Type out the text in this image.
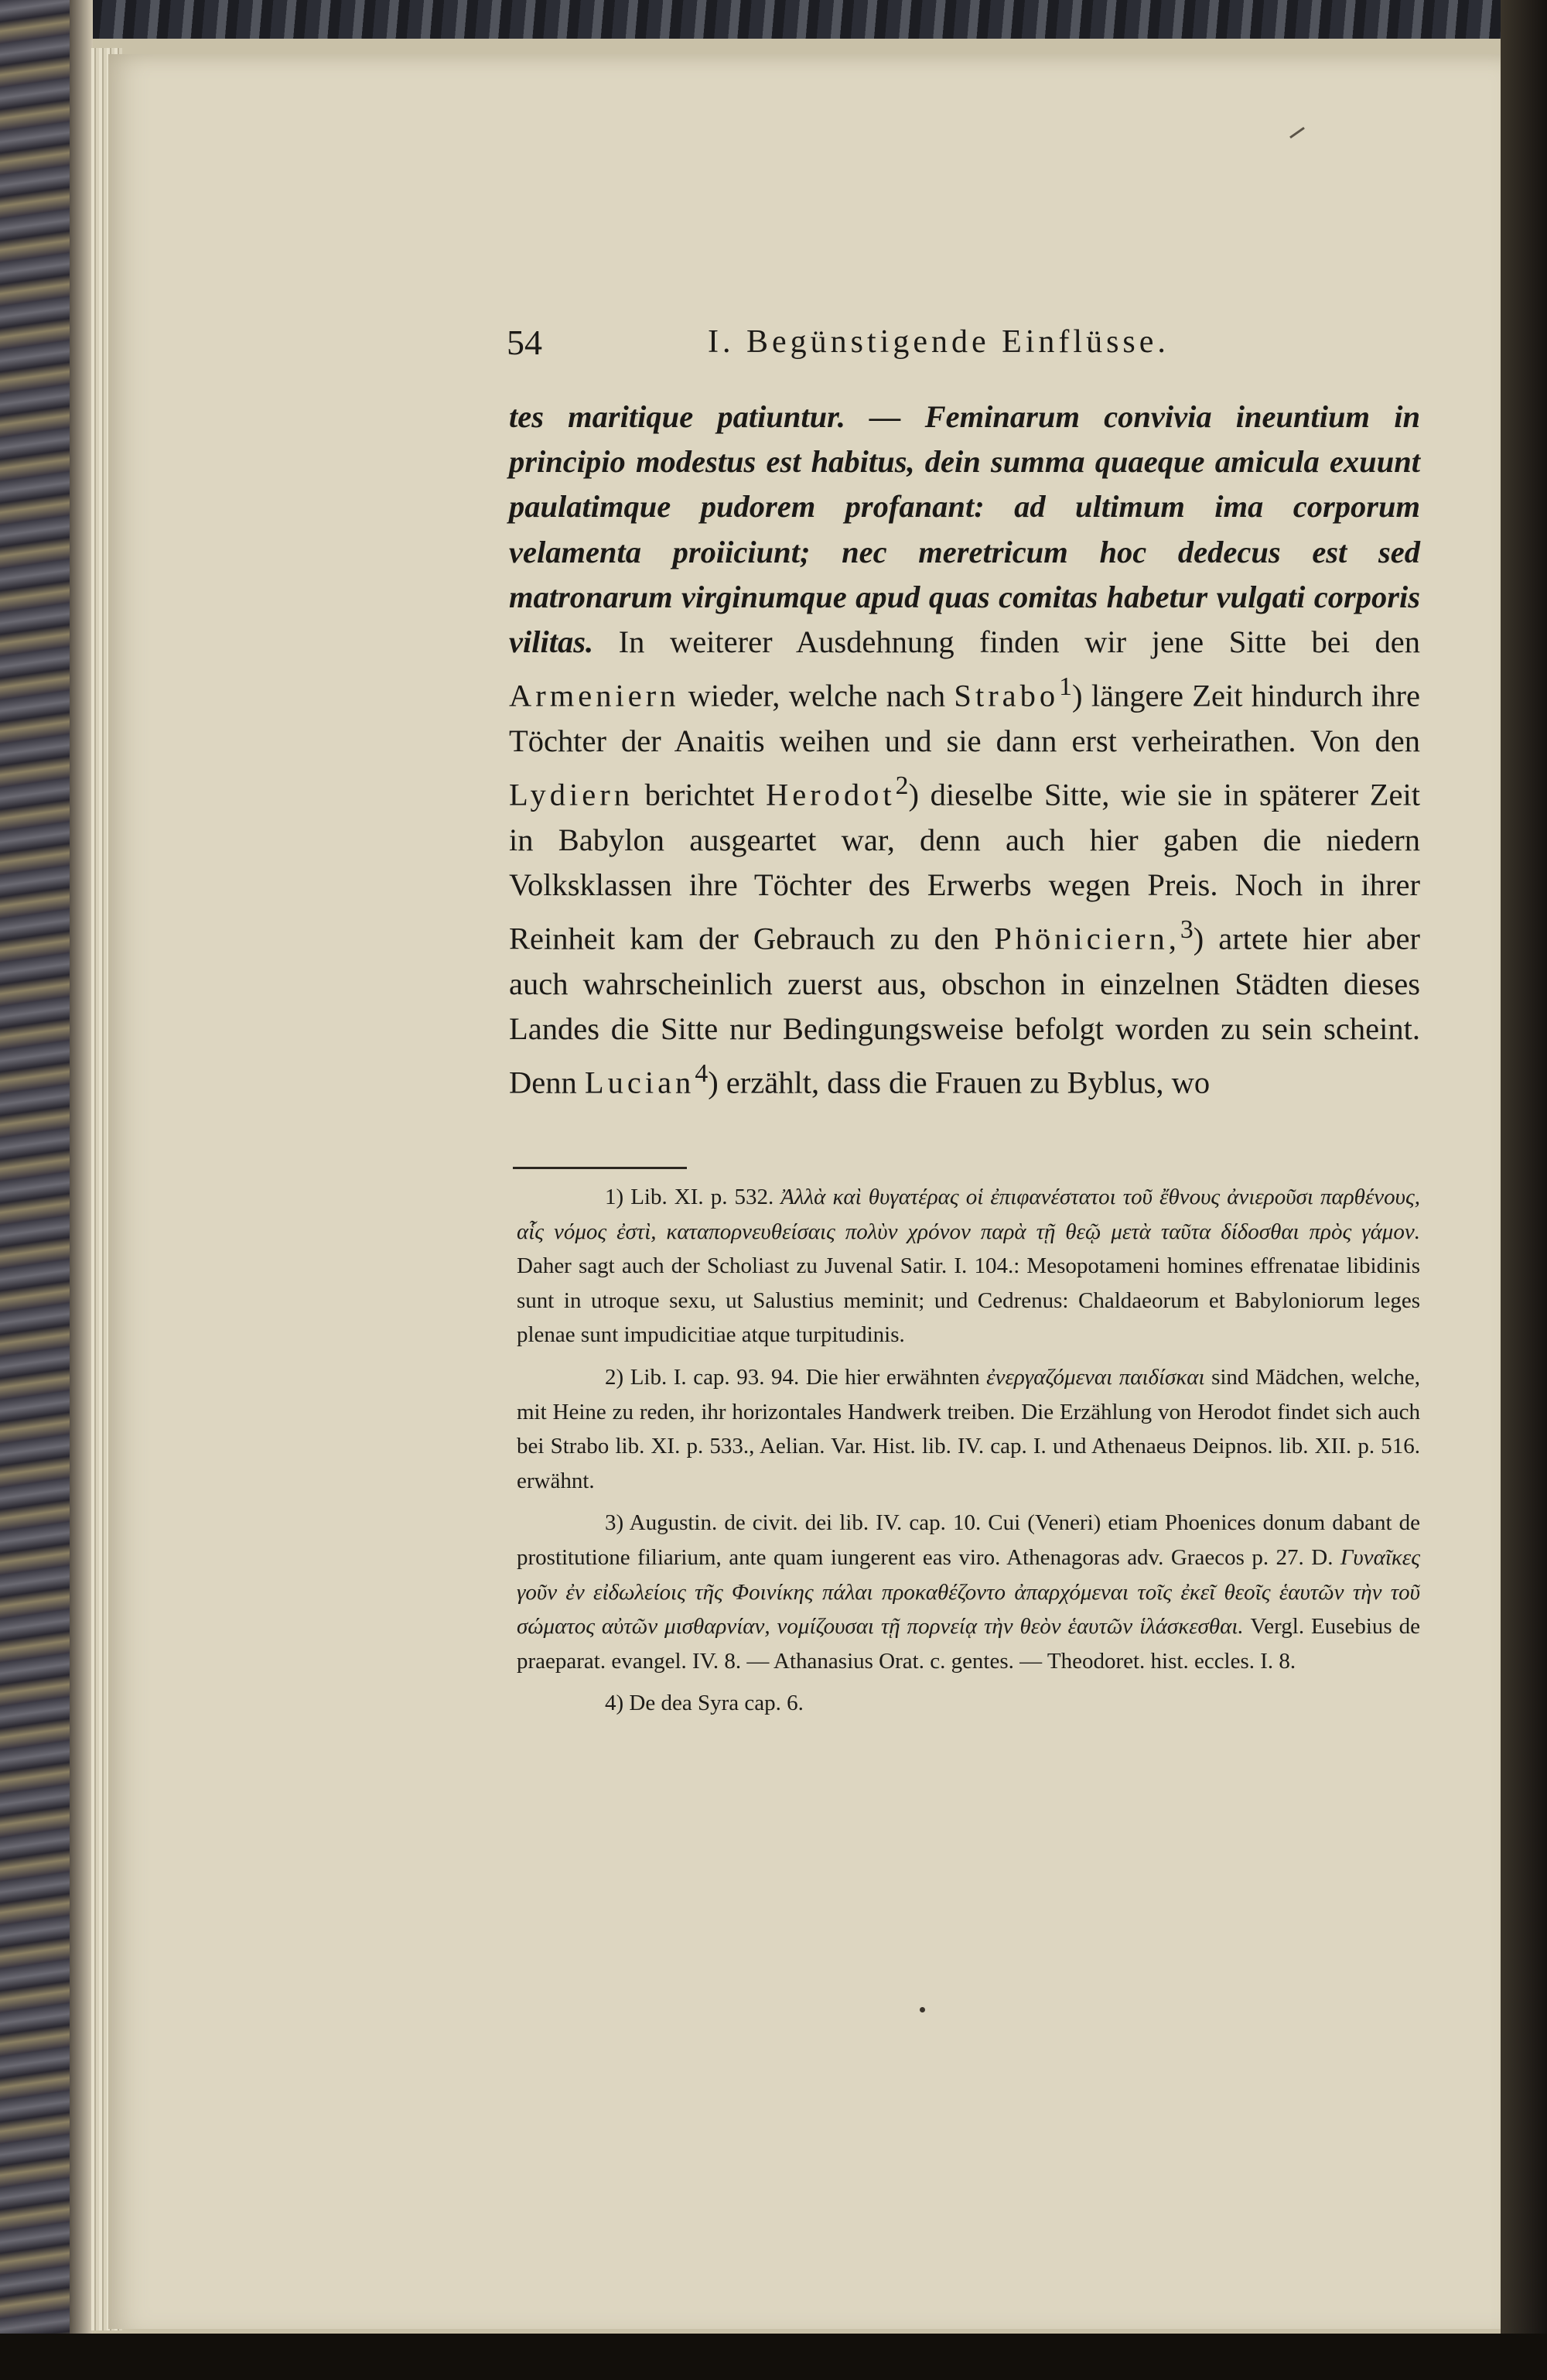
54	I. Begünstigende Einflüsse.

tes maritique patiuntur. — Feminarum convivia ineuntium in principio modestus est habitus, dein summa quaeque amicula exuunt paulatimque pudorem profanant: ad ultimum ima corporum velamenta proiiciunt; nec meretricum hoc dedecus est sed matronarum virginumque apud quas comitas habetur vulgati corporis vilitas. In weiterer Ausdehnung finden wir jene Sitte bei den Armeniern wieder, welche nach Strabo$^1$) längere Zeit hindurch ihre Töchter der Anaitis weihen und sie dann erst verheirathen. Von den Lydiern berichtet Herodot$^2$) dieselbe Sitte, wie sie in späterer Zeit in Babylon ausgeartet war, denn auch hier gaben die niedern Volksklassen ihre Töchter des Erwerbs wegen Preis. Noch in ihrer Reinheit kam der Gebrauch zu den Phöniciern,$^3$) artete hier aber auch wahrscheinlich zuerst aus, obschon in einzelnen Städten dieses Landes die Sitte nur Bedingungsweise befolgt worden zu sein scheint. Denn Lucian$^4$) erzählt, dass die Frauen zu Byblus, wo

1) Lib. XI. p. 532. Ἀλλὰ καὶ θυγατέρας οἱ ἐπιφανέστατοι τοῦ ἔθνους ἀνιεροῦσι παρθένους, αἷς νόμος ἐστὶ, καταπορνευθείσαις πολὺν χρόνον παρὰ τῇ θεῷ μετὰ ταῦτα δίδοσθαι πρὸς γάμον. Daher sagt auch der Scholiast zu Juvenal Satir. I. 104.: Mesopotameni homines effrenatae libidinis sunt in utroque sexu, ut Salustius meminit; und Cedrenus: Chaldaeorum et Babyloniorum leges plenae sunt impudicitiae atque turpitudinis.

2) Lib. I. cap. 93. 94. Die hier erwähnten ἐνεργαζόμεναι παιδίσκαι sind Mädchen, welche, mit Heine zu reden, ihr horizontales Handwerk treiben. Die Erzählung von Herodot findet sich auch bei Strabo lib. XI. p. 533., Aelian. Var. Hist. lib. IV. cap. I. und Athenaeus Deipnos. lib. XII. p. 516. erwähnt.

3) Augustin. de civit. dei lib. IV. cap. 10. Cui (Veneri) etiam Phoenices donum dabant de prostitutione filiarium, ante quam iungerent eas viro. Athenagoras adv. Graecos p. 27. D. Γυναῖκες γοῦν ἐν εἰδωλείοις τῆς Φοινίκης πάλαι προκαθέζοντο ἀπαρχόμεναι τοῖς ἐκεῖ θεοῖς ἑαυτῶν τὴν τοῦ σώματος αὐτῶν μισθαρνίαν, νομίζουσαι τῇ πορνείᾳ τὴν θεὸν ἑαυτῶν ἱλάσκεσθαι. Vergl. Eusebius de praeparat. evangel. IV. 8. — Athanasius Orat. c. gentes. — Theodoret. hist. eccles. I. 8.

4) De dea Syra cap. 6.
